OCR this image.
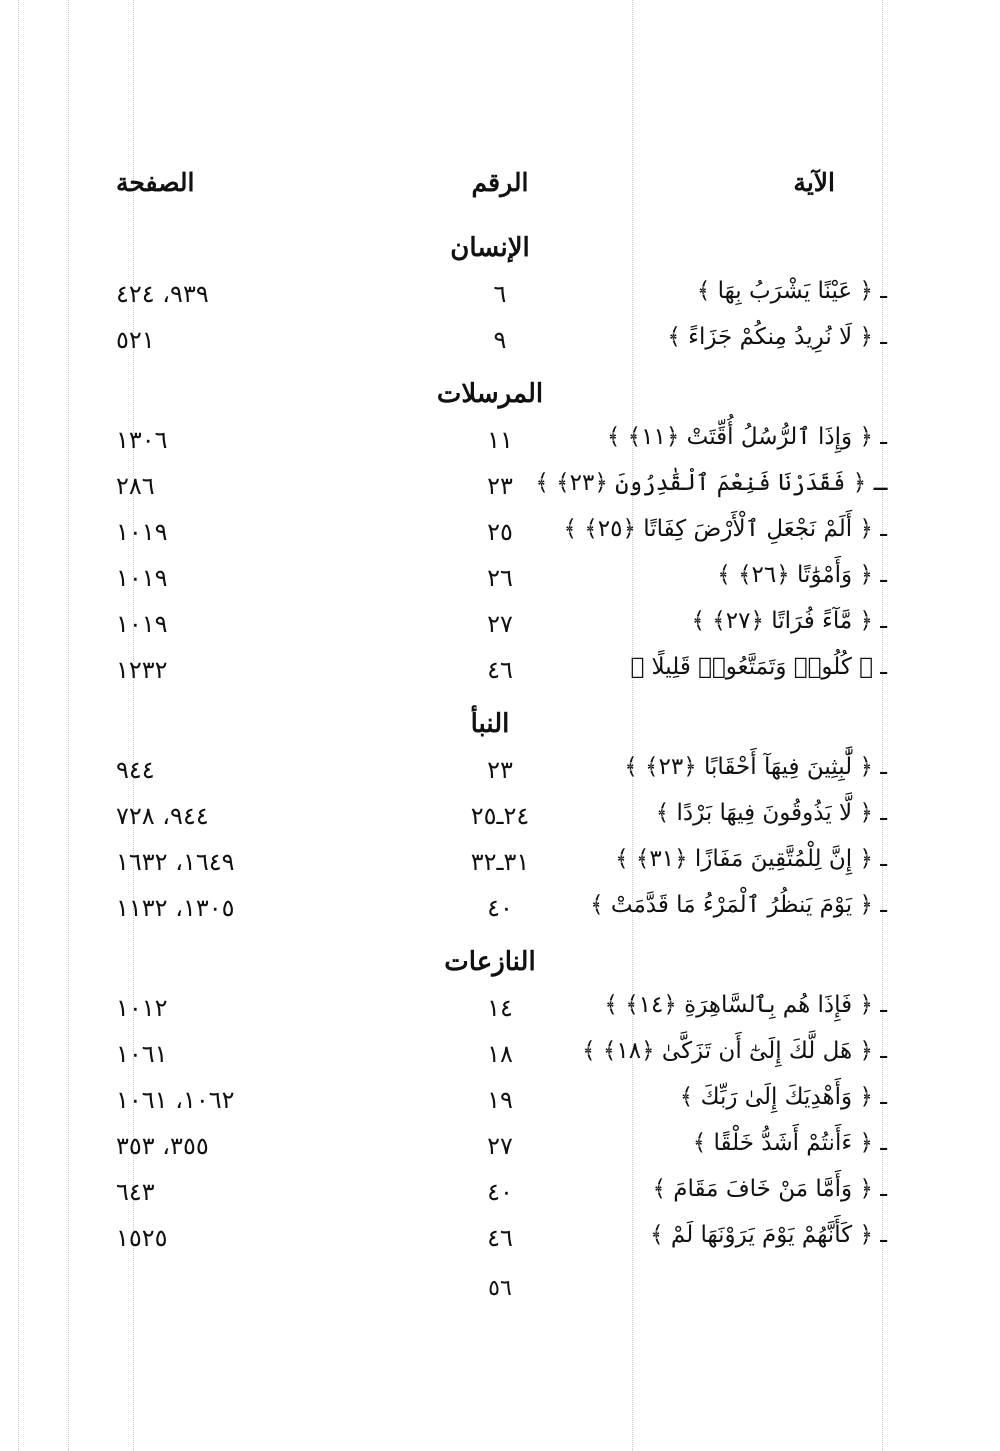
الصفحة	الرقم	الآية
الإنسان
٩٣٩، ٤٢٤	٦	ـ ﴿ عَيْنًا يَشْرَبُ بِهَا ﴾
٥٢١	٩	ـ ﴿ لَا نُرِيدُ مِنكُمْ جَزَاءً ﴾
المرسلات
١٣٠٦	١١	ـ ﴿ وَإِذَا ٱلرُّسُلُ أُقِّتَتْ ﴿١١﴾ ﴾
٢٨٦	٢٣ ـ ﴿ فَقَدَرْنَا فَنِعْمَ ٱلْقَٰدِرُونَ ﴿٢٣﴾ ﴾
١٠١٩	٢٥	ـ ﴿ أَلَمْ نَجْعَلِ ٱلْأَرْضَ كِفَاتًا ﴿٢٥﴾ ﴾
١٠١٩	٢٦	ـ ﴿ وَأَمْوَٰتًا ﴿٢٦﴾ ﴾
١٠١٩	٢٧	ـ ﴿ مَّآءً فُرَاتًا ﴿٢٧﴾ ﴾
١٢٣٢	٤٦	ـ ﴿ كُلُوا۟ وَتَمَتَّعُوا۟ قَلِيلًا ﴾
النبأ
٩٤٤	٢٣	ـ ﴿ لَّٰبِثِينَ فِيهَآ أَحْقَابًا ﴿٢٣﴾ ﴾
٩٤٤، ٧٢٨	٢٤ـ٢٥	ـ ﴿ لَّا يَذُوقُونَ فِيهَا بَرْدًا ﴾
١٦٤٩، ١٦٣٢	٣١ـ٣٢	ـ ﴿ إِنَّ لِلْمُتَّقِينَ مَفَازًا ﴿٣١﴾ ﴾
١٣٠٥، ١١٣٢	٤٠	ـ ﴿ يَوْمَ يَنظُرُ ٱلْمَرْءُ مَا قَدَّمَتْ ﴾
النازعات
١٠١٢	١٤	ـ ﴿ فَإِذَا هُم بِٱلسَّاهِرَةِ ﴿١٤﴾ ﴾
١٠٦١	١٨	ـ ﴿ هَل لَّكَ إِلَىٰٓ أَن تَزَكَّىٰ ﴿١٨﴾ ﴾
١٠٦٢، ١٠٦١	١٩	ـ ﴿ وَأَهْدِيَكَ إِلَىٰ رَبِّكَ ﴾
٣٥٥، ٣٥٣	٢٧	ـ ﴿ ءَأَنتُمْ أَشَدُّ خَلْقًا ﴾
٦٤٣	٤٠	ـ ﴿ وَأَمَّا مَنْ خَافَ مَقَامَ ﴾
١٥٢٥	٤٦	ـ ﴿ كَأَنَّهُمْ يَوْمَ يَرَوْنَهَا لَمْ ﴾
٥٦
